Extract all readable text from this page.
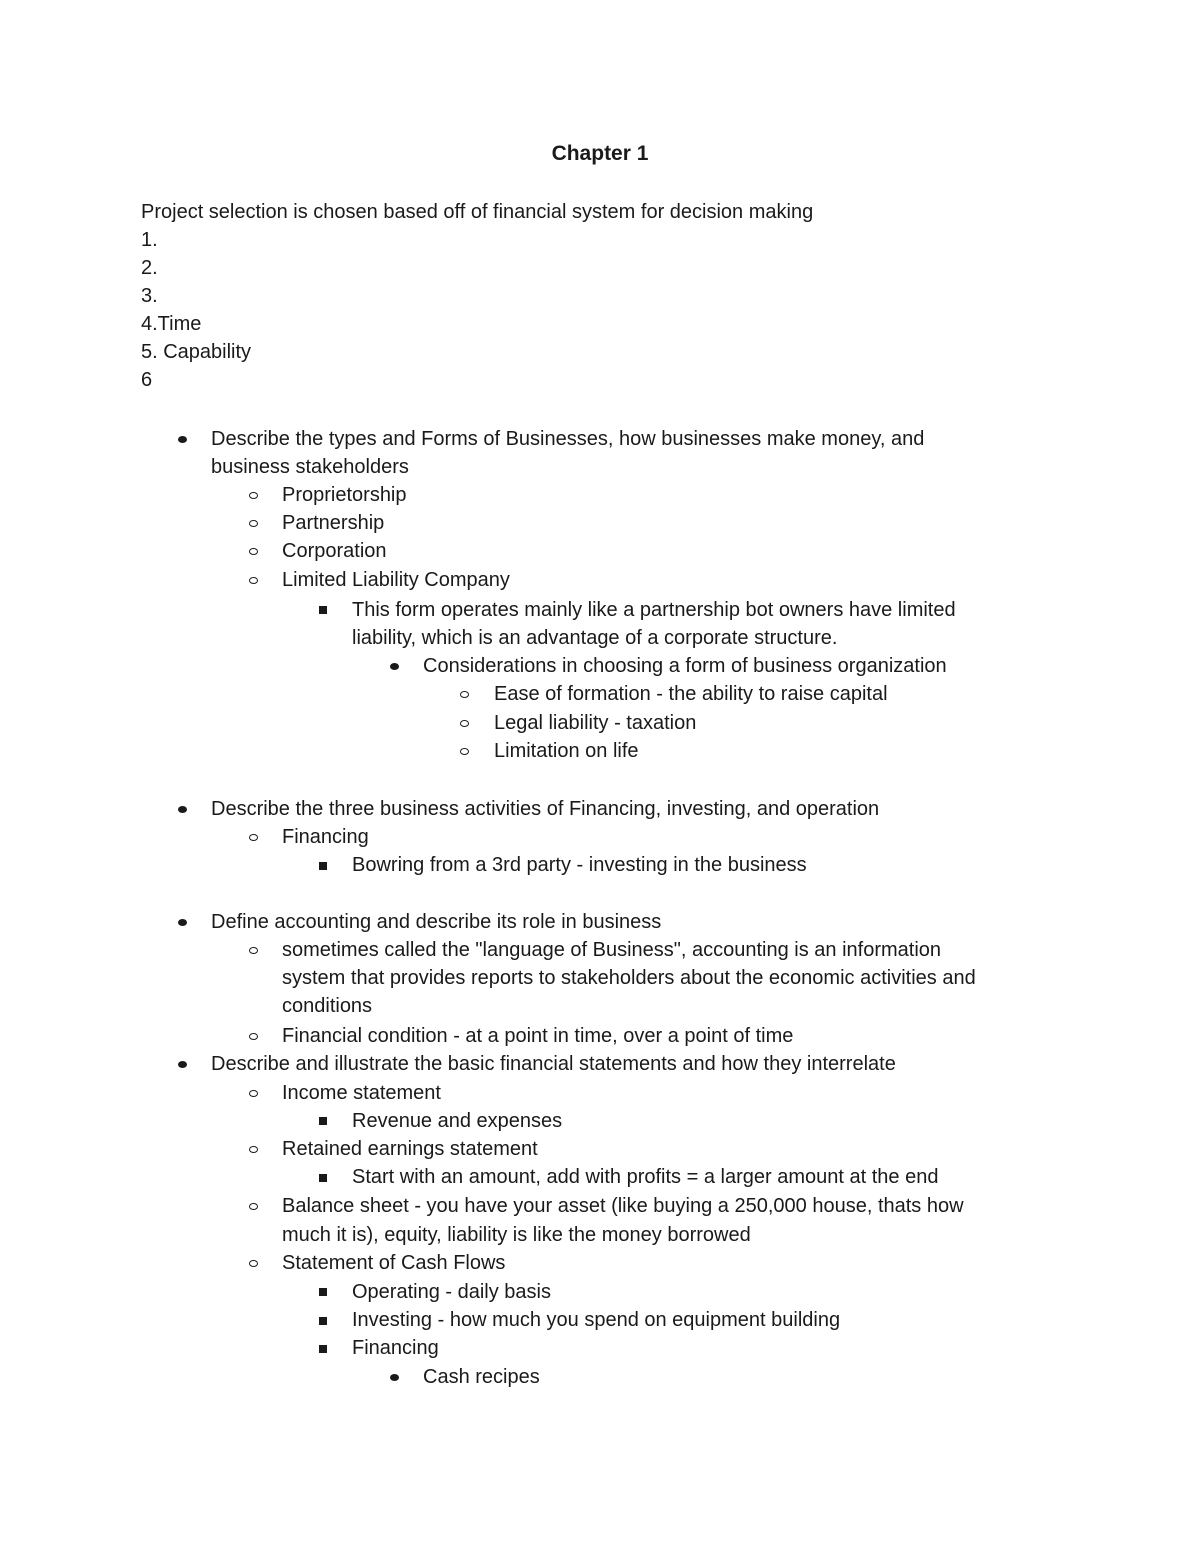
Chapter 1
Project selection is chosen based off of financial system for decision making
1.
2.
3.
4.Time
5. Capability
6
Describe the types and Forms of Businesses, how businesses make money, and
business stakeholders
Proprietorship
Partnership
Corporation
Limited Liability Company
This form operates mainly like a partnership bot owners have limited
liability, which is an advantage of a corporate structure.
Considerations in choosing a form of business organization
Ease of formation - the ability to raise capital
Legal liability - taxation
Limitation on life
Describe the three business activities of Financing, investing, and operation
Financing
Bowring from a 3rd party - investing in the business
Define accounting and describe its role in business
sometimes called the "language of Business", accounting is an information
system that provides reports to stakeholders about the economic activities and
conditions
Financial condition - at a point in time, over a point of time
Describe and illustrate the basic financial statements and how they interrelate
Income statement
Revenue and expenses
Retained earnings statement
Start with an amount, add with profits = a larger amount at the end
Balance sheet - you have your asset (like buying a 250,000 house, thats how
much it is), equity, liability is like the money borrowed
Statement of Cash Flows
Operating - daily basis
Investing - how much you spend on equipment building
Financing
Cash recipes
